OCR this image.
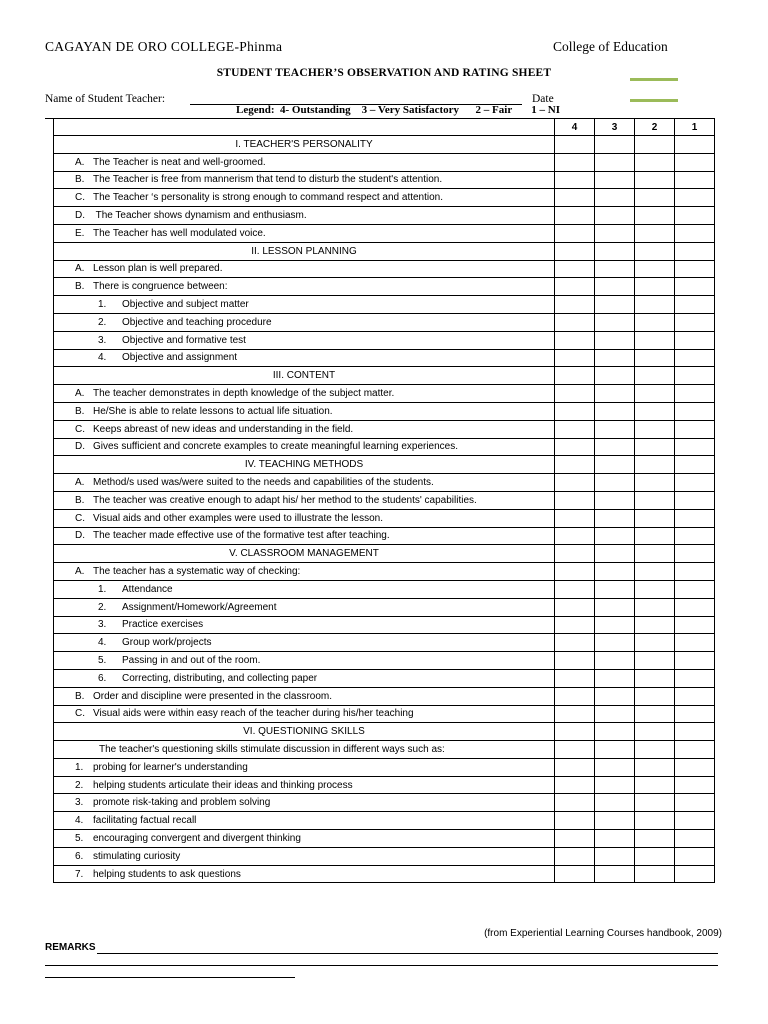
CAGAYAN DE ORO COLLEGE-Phinma	College of Education
STUDENT TEACHER’S OBSERVATION AND RATING SHEET
Name of Student Teacher:	Date
Legend:  4- Outstanding    3 – Very Satisfactory      2 – Fair       1 – NI
	4	3	2	1
I. TEACHER'S PERSONALITY				
A. The Teacher is neat and well-groomed.				
B. The Teacher is free from mannerism that tend to disturb the student's attention.				
C. The Teacher ‘s personality is strong enough to command respect and attention.				
D. The Teacher shows dynamism and enthusiasm.				
E. The Teacher has well modulated voice.				
II. LESSON PLANNING				
A. Lesson plan is well prepared.				
B. There is congruence between:				
1. Objective and subject matter				
2. Objective and teaching procedure				
3. Objective and formative test				
4. Objective and assignment				
III. CONTENT				
A. The teacher demonstrates in depth knowledge of the subject matter.				
B. He/She is able to relate lessons to actual life situation.				
C. Keeps abreast of new ideas and understanding in the field.				
D. Gives sufficient and concrete examples to create meaningful learning experiences.				
IV. TEACHING METHODS				
A. Method/s used was/were suited to the needs and capabilities of the students.				
B. The teacher was creative enough to adapt his/ her method to the students' capabilities.				
C. Visual aids and other examples were used to illustrate the lesson.				
D. The teacher made effective use of the formative test after teaching.				
V. CLASSROOM MANAGEMENT				
A. The teacher has a systematic way of checking:				
1. Attendance				
2. Assignment/Homework/Agreement				
3. Practice exercises				
4. Group work/projects				
5. Passing in and out of the room.				
6. Correcting, distributing, and collecting paper				
B. Order and discipline were presented in the classroom.				
C. Visual aids were within easy reach of the teacher during his/her teaching				
VI. QUESTIONING SKILLS				
The teacher's questioning skills stimulate discussion in different ways such as:				
1. probing for learner's understanding				
2. helping students articulate their ideas and thinking process				
3. promote risk-taking and problem solving				
4. facilitating factual recall				
5. encouraging convergent and divergent thinking				
6. stimulating curiosity				
7. helping students to ask questions				
(from Experiential Learning Courses handbook, 2009)
REMARKS
